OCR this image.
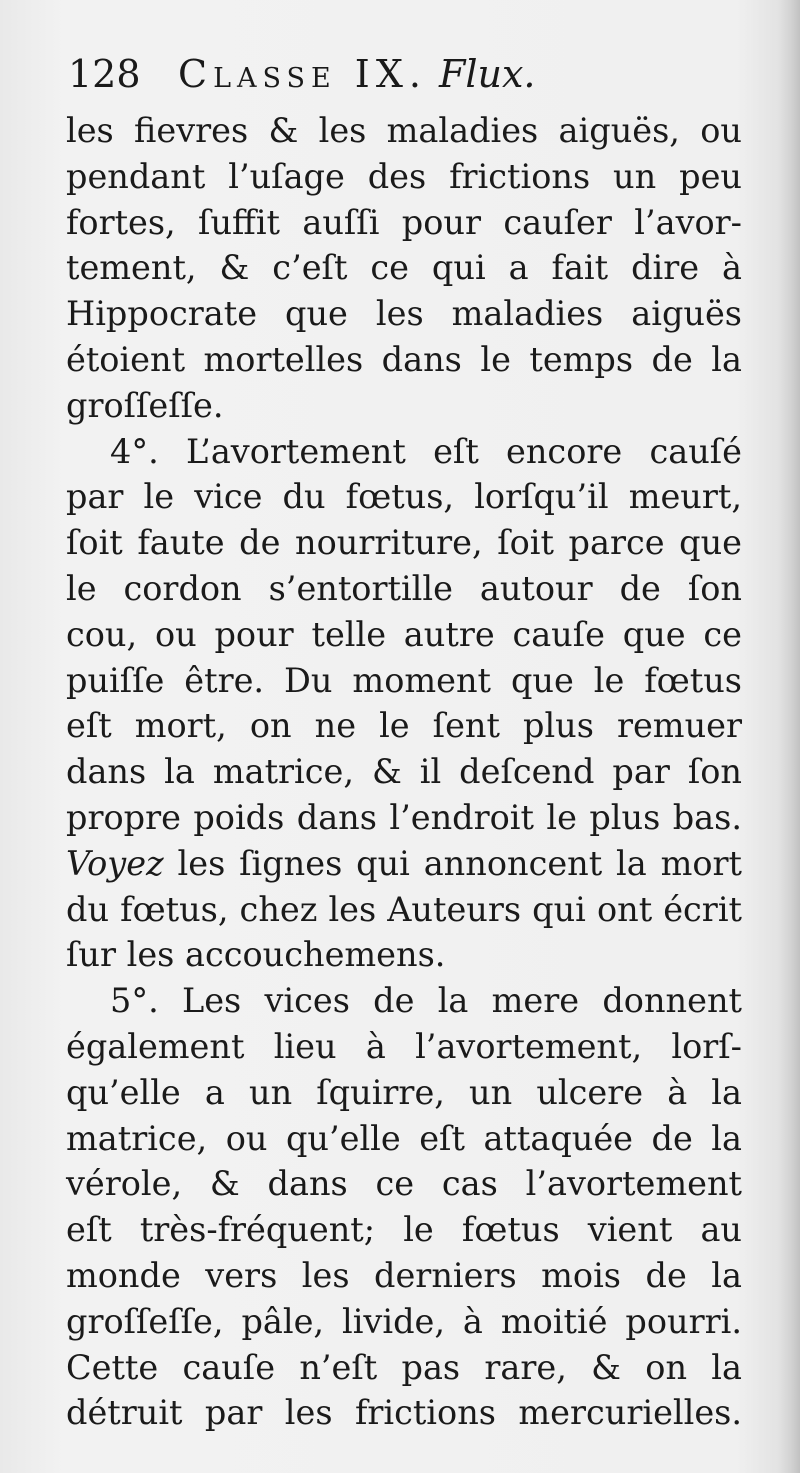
128 Classe IX. Flux.
les fievres & les maladies aiguës, ou
pendant l’uſage des frictions un peu
fortes, ſuffit auſſi pour cauſer l’avor-
tement, & c’eſt ce qui a fait dire à
Hippocrate que les maladies aiguës
étoient mortelles dans le temps de la
groſſeſſe.
4°. L’avortement eſt encore cauſé
par le vice du fœtus, lorſqu’il meurt,
ſoit faute de nourriture, ſoit parce que
le cordon s’entortille autour de ſon
cou, ou pour telle autre cauſe que ce
puiſſe être. Du moment que le fœtus
eſt mort, on ne le ſent plus remuer
dans la matrice, & il deſcend par ſon
propre poids dans l’endroit le plus bas.
Voyez les ſignes qui annoncent la mort
du fœtus, chez les Auteurs qui ont écrit
ſur les accouchemens.
5°. Les vices de la mere donnent
également lieu à l’avortement, lorſ-
qu’elle a un ſquirre, un ulcere à la
matrice, ou qu’elle eſt attaquée de la
vérole, & dans ce cas l’avortement
eſt très-fréquent; le fœtus vient au
monde vers les derniers mois de la
groſſeſſe, pâle, livide, à moitié pourri.
Cette cauſe n’eſt pas rare, & on la
détruit par les frictions mercurielles.
